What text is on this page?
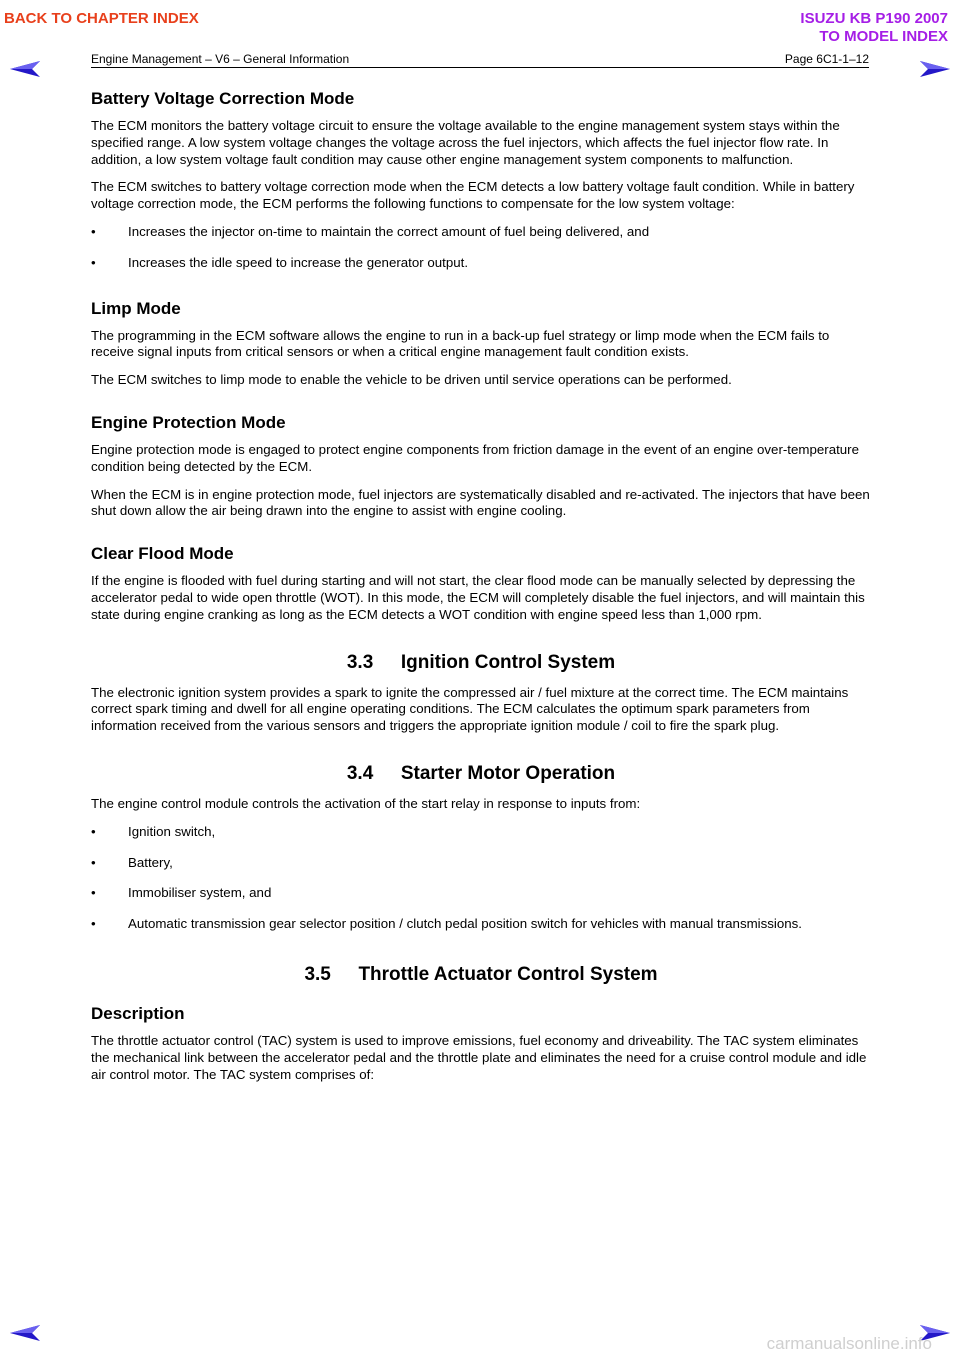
BACK TO CHAPTER INDEX	ISUZU KB P190 2007
TO MODEL INDEX
Engine Management – V6 – General Information	Page 6C1-1–12
Battery Voltage Correction Mode

The ECM monitors the battery voltage circuit to ensure the voltage available to the engine management system stays within the specified range. A low system voltage changes the voltage across the fuel injectors, which affects the fuel injector flow rate. In addition, a low system voltage fault condition may cause other engine management system components to malfunction.

The ECM switches to battery voltage correction mode when the ECM detects a low battery voltage fault condition. While in battery voltage correction mode, the ECM performs the following functions to compensate for the low system voltage:

• Increases the injector on-time to maintain the correct amount of fuel being delivered, and
• Increases the idle speed to increase the generator output.
Limp Mode

The programming in the ECM software allows the engine to run in a back-up fuel strategy or limp mode when the ECM fails to receive signal inputs from critical sensors or when a critical engine management fault condition exists.

The ECM switches to limp mode to enable the vehicle to be driven until service operations can be performed.

Engine Protection Mode

Engine protection mode is engaged to protect engine components from friction damage in the event of an engine over-temperature condition being detected by the ECM.

When the ECM is in engine protection mode, fuel injectors are systematically disabled and re-activated. The injectors that have been shut down allow the air being drawn into the engine to assist with engine cooling.

Clear Flood Mode

If the engine is flooded with fuel during starting and will not start, the clear flood mode can be manually selected by depressing the accelerator pedal to wide open throttle (WOT). In this mode, the ECM will completely disable the fuel injectors, and will maintain this state during engine cranking as long as the ECM detects a WOT condition with engine speed less than 1,000 rpm.

3.3 Ignition Control System

The electronic ignition system provides a spark to ignite the compressed air / fuel mixture at the correct time. The ECM maintains correct spark timing and dwell for all engine operating conditions. The ECM calculates the optimum spark parameters from information received from the various sensors and triggers the appropriate ignition module / coil to fire the spark plug.

3.4 Starter Motor Operation

The engine control module controls the activation of the start relay in response to inputs from:

• Ignition switch,
• Battery,
• Immobiliser system, and
• Automatic transmission gear selector position / clutch pedal position switch for vehicles with manual transmissions.
3.5 Throttle Actuator Control System
Description

The throttle actuator control (TAC) system is used to improve emissions, fuel economy and driveability. The TAC system eliminates the mechanical link between the accelerator pedal and the throttle plate and eliminates the need for a cruise control module and idle air control motor. The TAC system comprises of:

carmanualsonline.info
